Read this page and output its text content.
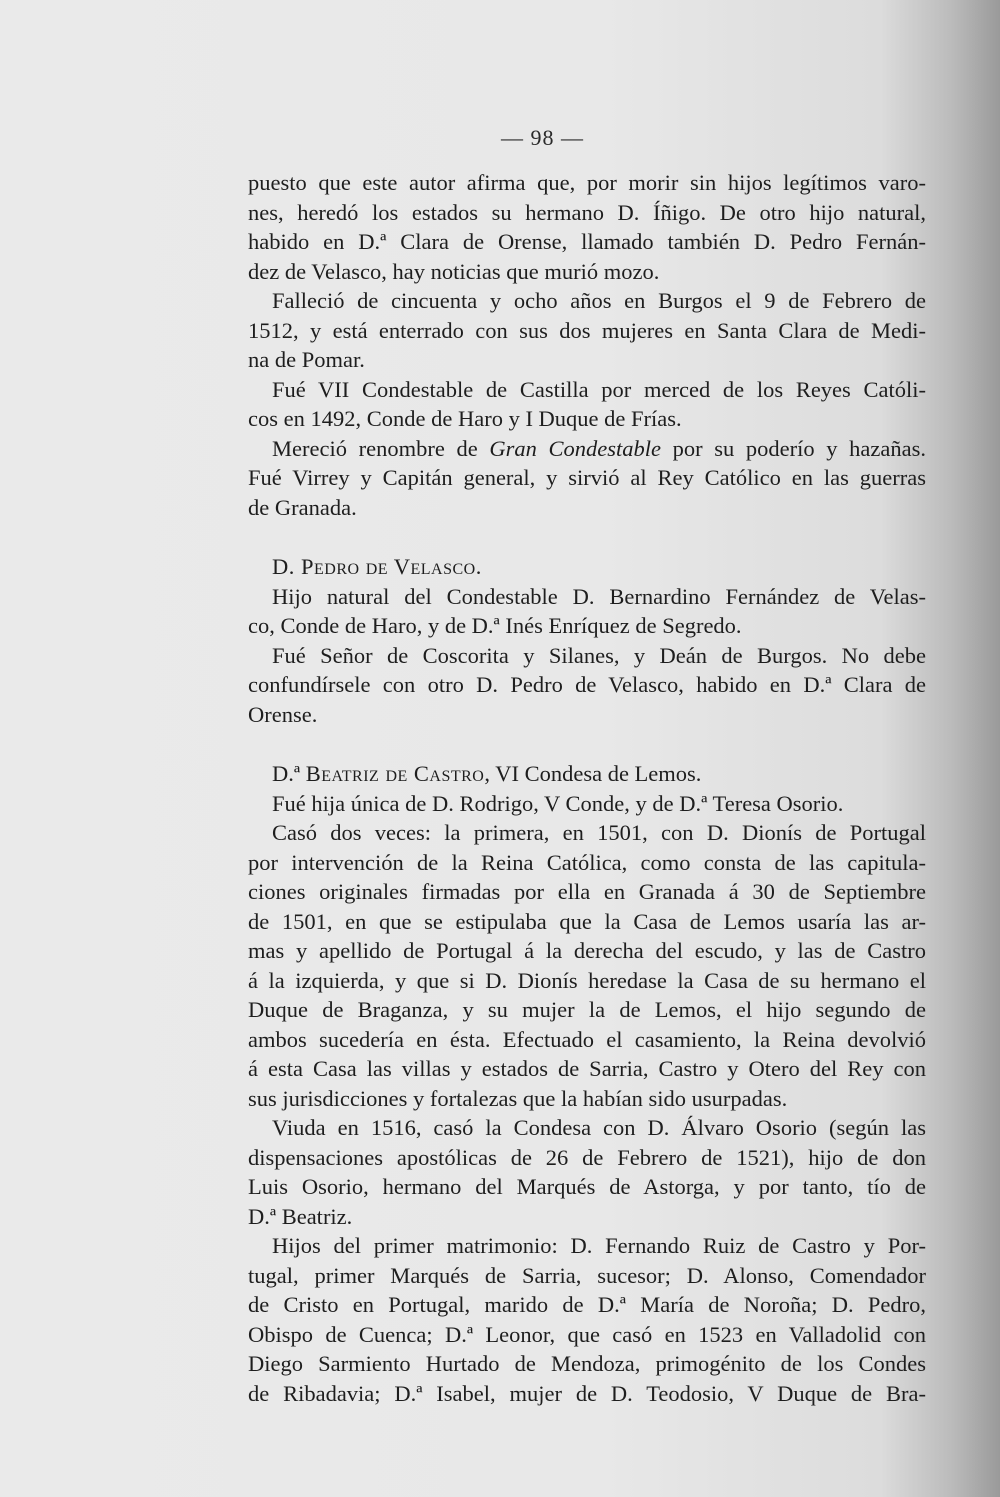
— 98 —
puesto que este autor afirma que, por morir sin hijos legítimos varo-
nes, heredó los estados su hermano D. Íñigo. De otro hijo natural,
habido en D.ª Clara de Orense, llamado también D. Pedro Fernán-
dez de Velasco, hay noticias que murió mozo.
Falleció de cincuenta y ocho años en Burgos el 9 de Febrero de
1512, y está enterrado con sus dos mujeres en Santa Clara de Medi-
na de Pomar.
Fué VII Condestable de Castilla por merced de los Reyes Católi-
cos en 1492, Conde de Haro y I Duque de Frías.
Mereció renombre de Gran Condestable por su poderío y hazañas.
Fué Virrey y Capitán general, y sirvió al Rey Católico en las guerras
de Granada.
D. Pedro de Velasco.
Hijo natural del Condestable D. Bernardino Fernández de Velas-
co, Conde de Haro, y de D.ª Inés Enríquez de Segredo.
Fué Señor de Coscorita y Silanes, y Deán de Burgos. No debe
confundírsele con otro D. Pedro de Velasco, habido en D.ª Clara de
Orense.
D.ª Beatriz de Castro, VI Condesa de Lemos.
Fué hija única de D. Rodrigo, V Conde, y de D.ª Teresa Osorio.
Casó dos veces: la primera, en 1501, con D. Dionís de Portugal
por intervención de la Reina Católica, como consta de las capitula-
ciones originales firmadas por ella en Granada á 30 de Septiembre
de 1501, en que se estipulaba que la Casa de Lemos usaría las ar-
mas y apellido de Portugal á la derecha del escudo, y las de Castro
á la izquierda, y que si D. Dionís heredase la Casa de su hermano el
Duque de Braganza, y su mujer la de Lemos, el hijo segundo de
ambos sucedería en ésta. Efectuado el casamiento, la Reina devolvió
á esta Casa las villas y estados de Sarria, Castro y Otero del Rey con
sus jurisdicciones y fortalezas que la habían sido usurpadas.
Viuda en 1516, casó la Condesa con D. Álvaro Osorio (según las
dispensaciones apostólicas de 26 de Febrero de 1521), hijo de don
Luis Osorio, hermano del Marqués de Astorga, y por tanto, tío de
D.ª Beatriz.
Hijos del primer matrimonio: D. Fernando Ruiz de Castro y Por-
tugal, primer Marqués de Sarria, sucesor; D. Alonso, Comendador
de Cristo en Portugal, marido de D.ª María de Noroña; D. Pedro,
Obispo de Cuenca; D.ª Leonor, que casó en 1523 en Valladolid con
Diego Sarmiento Hurtado de Mendoza, primogénito de los Condes
de Ribadavia; D.ª Isabel, mujer de D. Teodosio, V Duque de Bra-
